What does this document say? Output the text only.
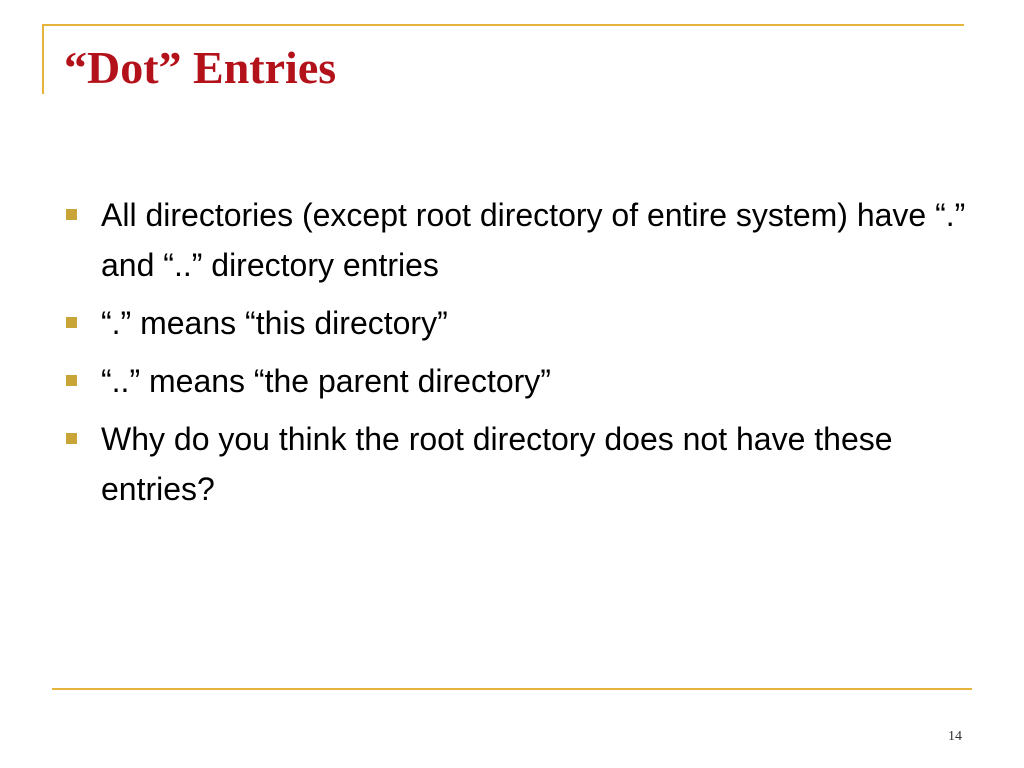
“Dot” Entries
All directories (except root directory of entire system) have “.” and “..” directory entries
“.” means “this directory”
“..” means “the parent directory”
Why do you think the root directory does not have these entries?
14
